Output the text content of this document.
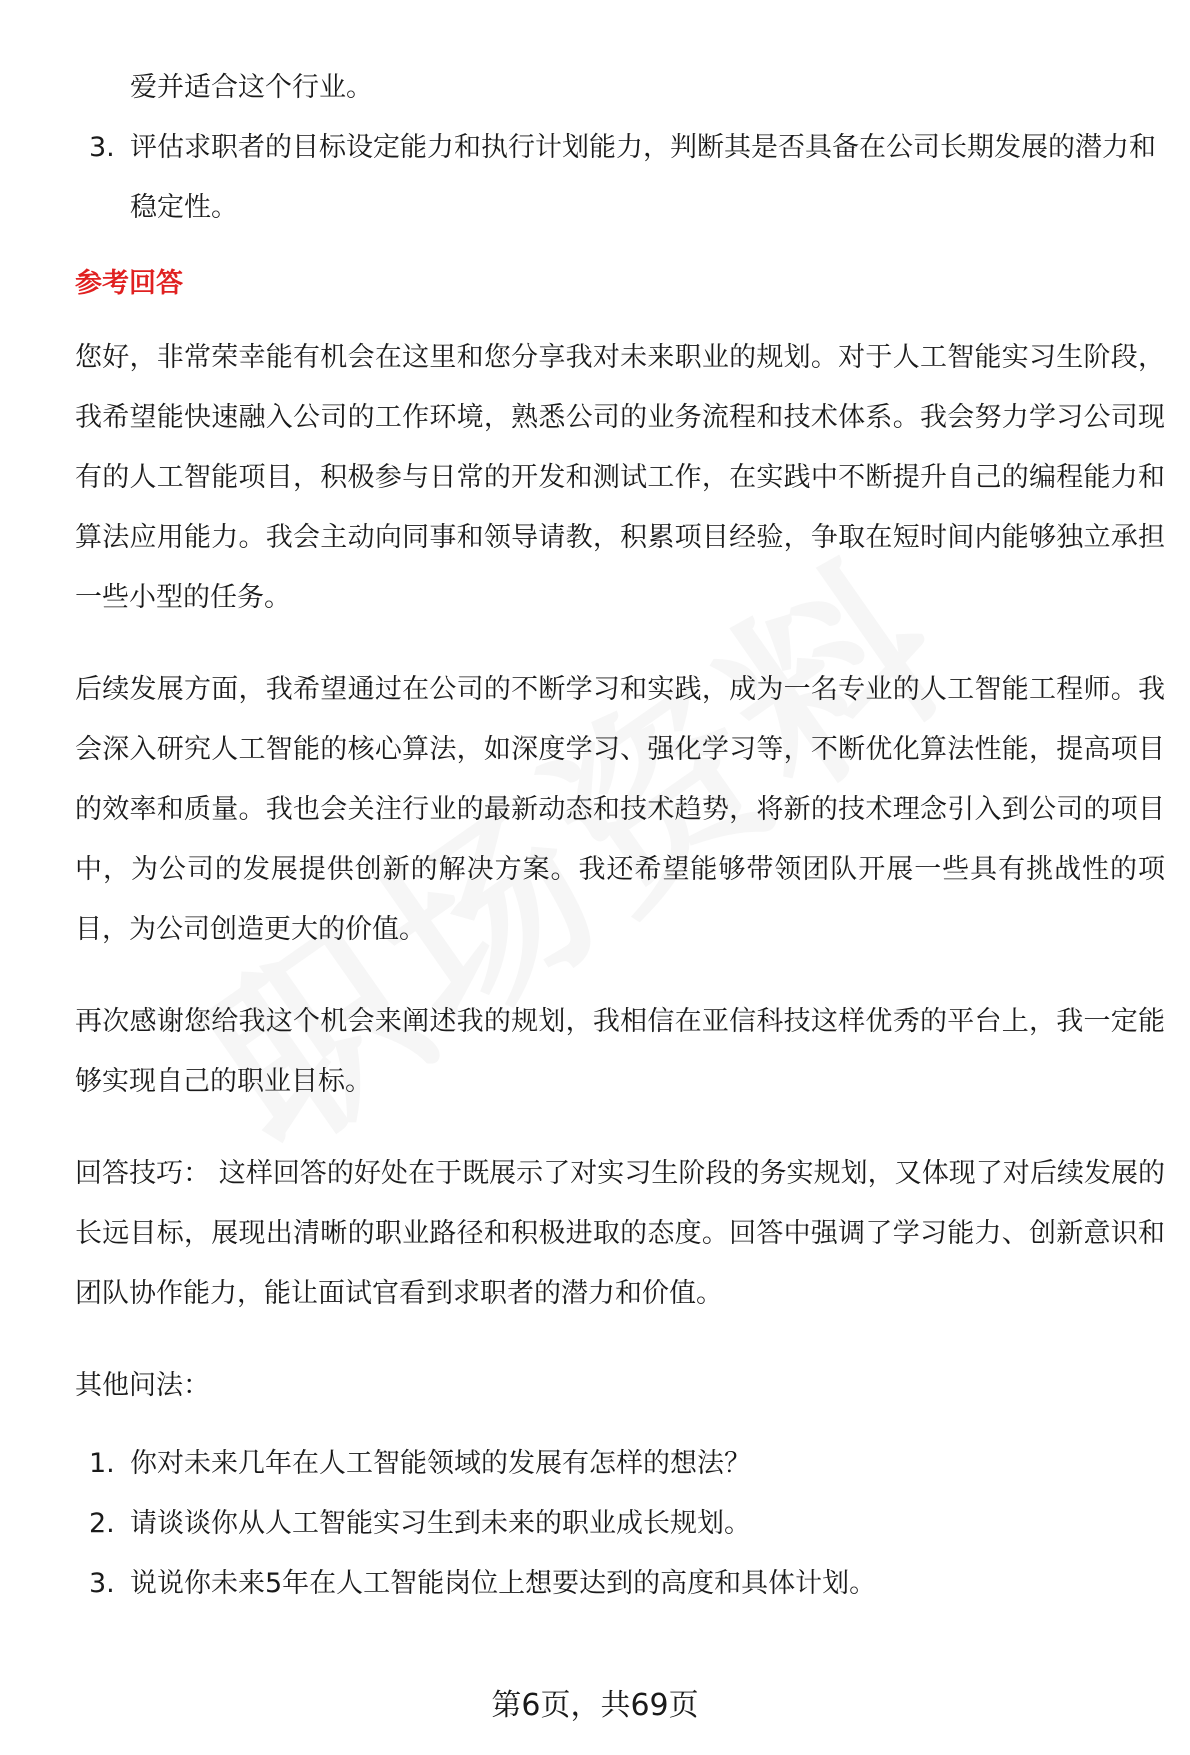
爱并适合这个行业。
3. 评估求职者的目标设定能力和执行计划能力，判断其是否具备在公司长期发展的潜力和稳定性。
参考回答

您好，非常荣幸能有机会在这里和您分享我对未来职业的规划。对于人工智能实习生阶段，我希望能快速融入公司的工作环境，熟悉公司的业务流程和技术体系。我会努力学习公司现有的人工智能项目，积极参与日常的开发和测试工作，在实践中不断提升自己的编程能力和算法应用能力。我会主动向同事和领导请教，积累项目经验，争取在短时间内能够独立承担一些小型的任务。

后续发展方面，我希望通过在公司的不断学习和实践，成为一名专业的人工智能工程师。我会深入研究人工智能的核心算法，如深度学习、强化学习等，不断优化算法性能，提高项目的效率和质量。我也会关注行业的最新动态和技术趋势，将新的技术理念引入到公司的项目中，为公司的发展提供创新的解决方案。我还希望能够带领团队开展一些具有挑战性的项目，为公司创造更大的价值。

再次感谢您给我这个机会来阐述我的规划，我相信在亚信科技这样优秀的平台上，我一定能够实现自己的职业目标。

回答技巧： 这样回答的好处在于既展示了对实习生阶段的务实规划，又体现了对后续发展的长远目标，展现出清晰的职业路径和积极进取的态度。回答中强调了学习能力、创新意识和团队协作能力，能让面试官看到求职者的潜力和价值。

其他问法：

1. 你对未来几年在人工智能领域的发展有怎样的想法？
2. 请谈谈你从人工智能实习生到未来的职业成长规划。
3. 说说你未来5年在人工智能岗位上想要达到的高度和具体计划。
第6页，共69页
